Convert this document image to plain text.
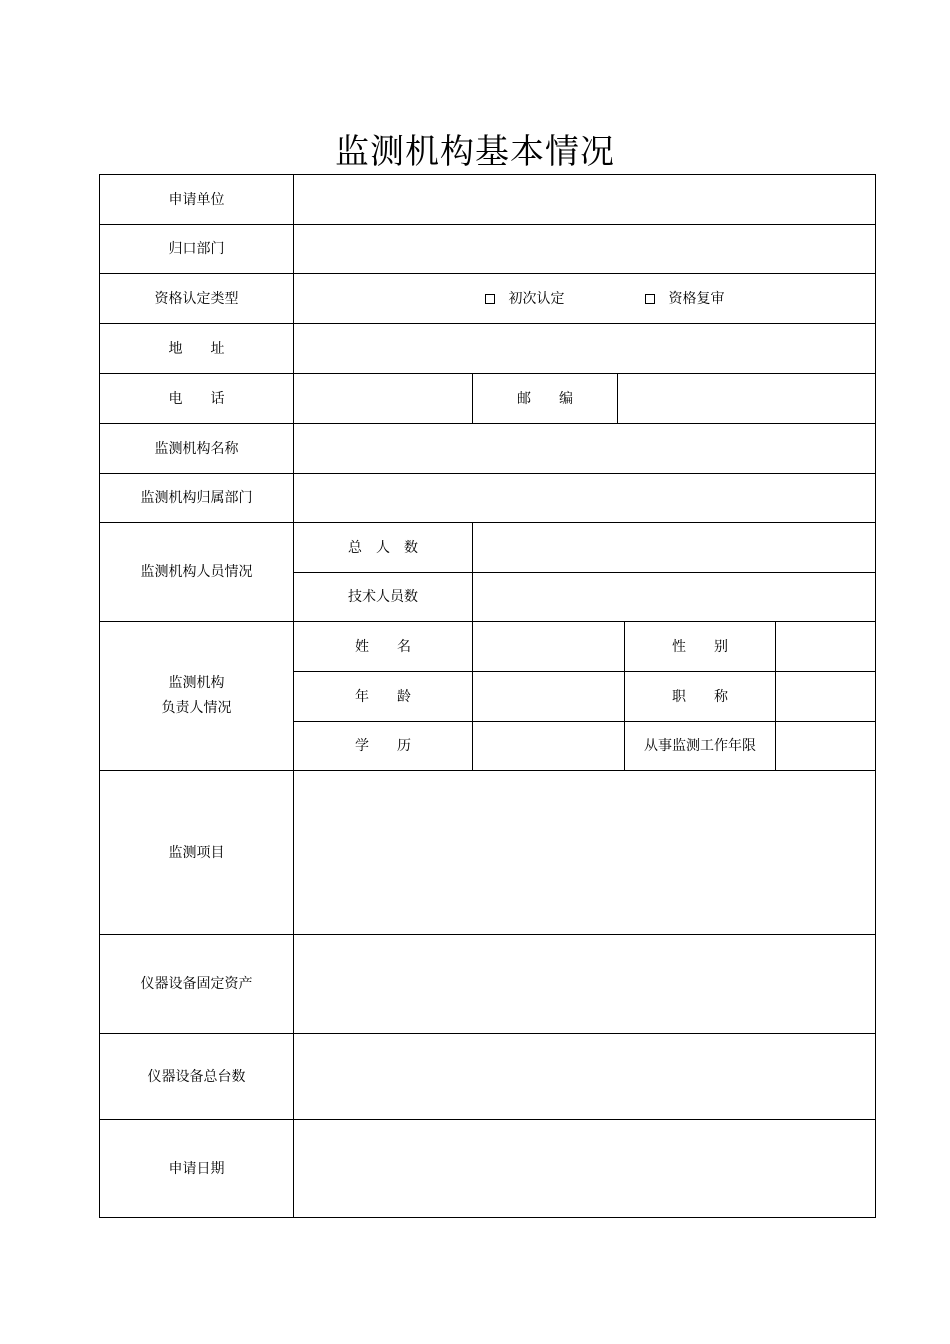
监测机构基本情况
申请单位
归口部门
资格认定类型	初次认定	资格复审
地　　址
电　　话	邮　　编
监测机构名称
监测机构归属部门
监测机构人员情况
总　人　数
技术人员数
监测机构
负责人情况
姓　　名	性　　别
年　　龄	职　　称
学　　历	从事监测工作年限
监测项目
仪器设备固定资产
仪器设备总台数
申请日期
